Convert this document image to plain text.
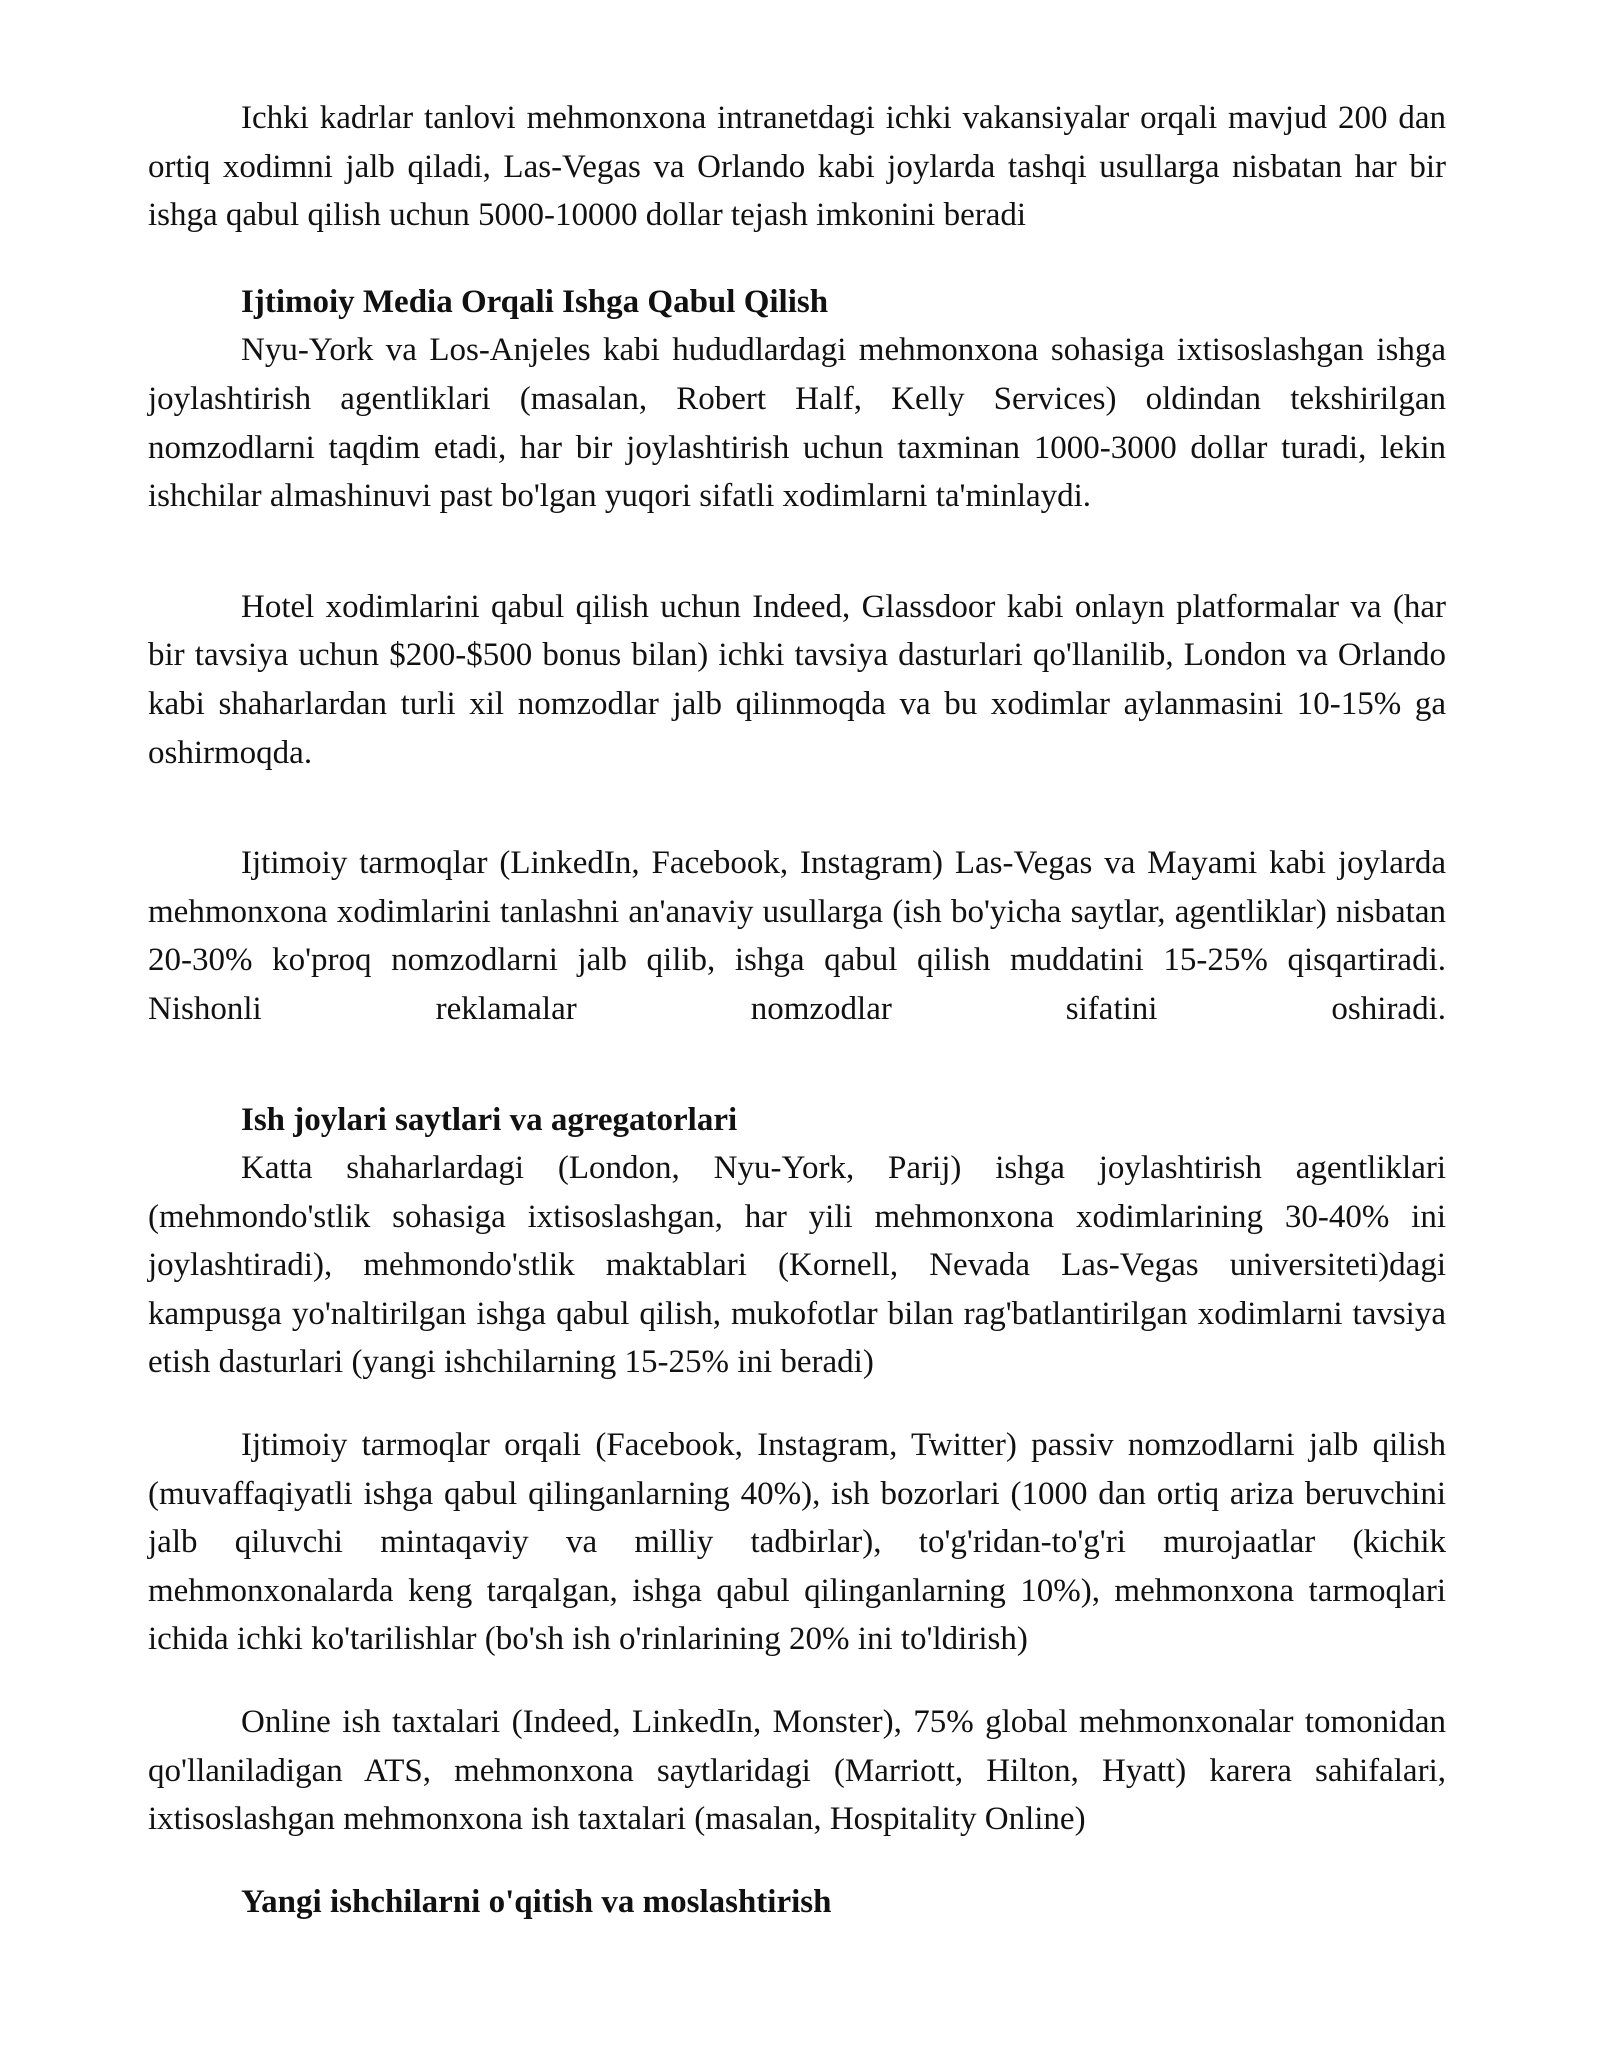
Ichki kadrlar tanlovi mehmonxona intranetdagi ichki vakansiyalar orqali mavjud 200 dan ortiq xodimni jalb qiladi, Las-Vegas va Orlando kabi joylarda tashqi usullarga nisbatan har bir ishga qabul qilish uchun 5000-10000 dollar tejash imkonini beradi

Ijtimoiy Media Orqali Ishga Qabul Qilish

Nyu-York va Los-Anjeles kabi hududlardagi mehmonxona sohasiga ixtisoslashgan ishga joylashtirish agentliklari (masalan, Robert Half, Kelly Services) oldindan tekshirilgan nomzodlarni taqdim etadi, har bir joylashtirish uchun taxminan 1000-3000 dollar turadi, lekin ishchilar almashinuvi past bo'lgan yuqori sifatli xodimlarni ta'minlaydi.

Hotel xodimlarini qabul qilish uchun Indeed, Glassdoor kabi onlayn platformalar va (har bir tavsiya uchun $200-$500 bonus bilan) ichki tavsiya dasturlari qo'llanilib, London va Orlando kabi shaharlardan turli xil nomzodlar jalb qilinmoqda va bu xodimlar aylanmasini 10-15% ga oshirmoqda.

Ijtimoiy tarmoqlar (LinkedIn, Facebook, Instagram) Las-Vegas va Mayami kabi joylarda mehmonxona xodimlarini tanlashni an'anaviy usullarga (ish bo'yicha saytlar, agentliklar) nisbatan 20-30% ko'proq nomzodlarni jalb qilib, ishga qabul qilish muddatini 15-25% qisqartiradi. Nishonli reklamalar nomzodlar sifatini oshiradi.

Ish joylari saytlari va agregatorlari

Katta shaharlardagi (London, Nyu-York, Parij) ishga joylashtirish agentliklari (mehmondo'stlik sohasiga ixtisoslashgan, har yili mehmonxona xodimlarining 30-40% ini joylashtiradi), mehmondo'stlik maktablari (Kornell, Nevada Las-Vegas universiteti)dagi kampusga yo'naltirilgan ishga qabul qilish, mukofotlar bilan rag'batlantirilgan xodimlarni tavsiya etish dasturlari (yangi ishchilarning 15-25% ini beradi)

Ijtimoiy tarmoqlar orqali (Facebook, Instagram, Twitter) passiv nomzodlarni jalb qilish (muvaffaqiyatli ishga qabul qilinganlarning 40%), ish bozorlari (1000 dan ortiq ariza beruvchini jalb qiluvchi mintaqaviy va milliy tadbirlar), to'g'ridan-to'g'ri murojaatlar (kichik mehmonxonalarda keng tarqalgan, ishga qabul qilinganlarning 10%), mehmonxona tarmoqlari ichida ichki ko'tarilishlar (bo'sh ish o'rinlarining 20% ini to'ldirish)

Online ish taxtalari (Indeed, LinkedIn, Monster), 75% global mehmonxonalar tomonidan qo'llaniladigan ATS, mehmonxona saytlaridagi (Marriott, Hilton, Hyatt) karera sahifalari, ixtisoslashgan mehmonxona ish taxtalari (masalan, Hospitality Online)

Yangi ishchilarni o'qitish va moslashtirish
